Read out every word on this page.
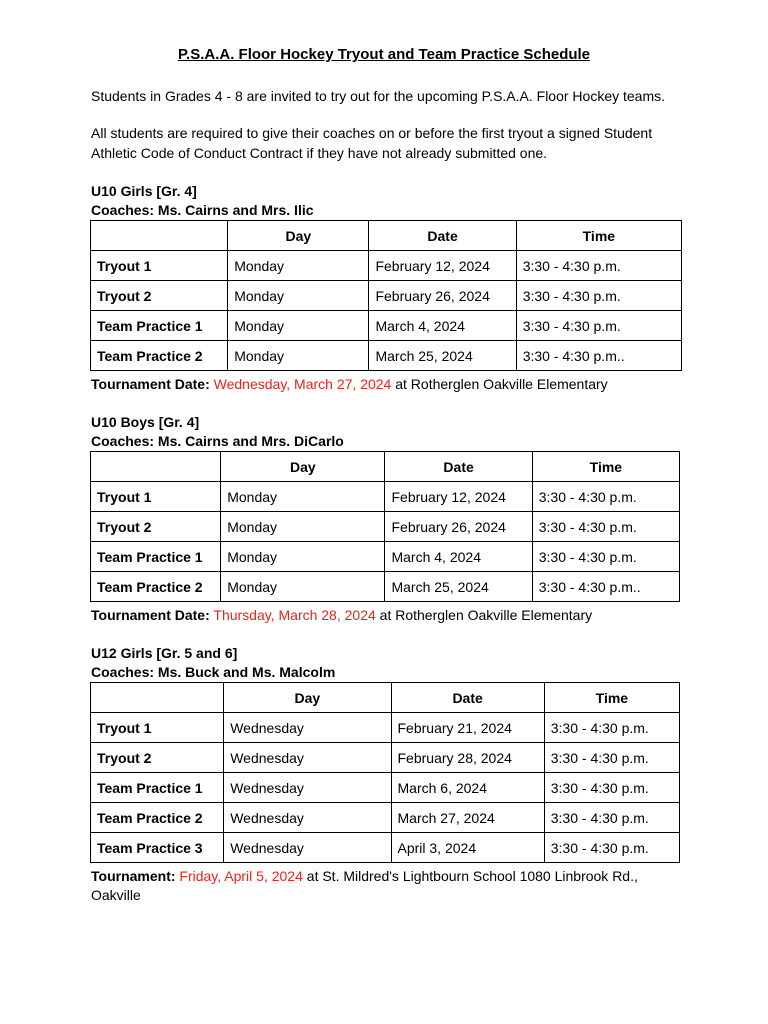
P.S.A.A. Floor Hockey Tryout and Team Practice Schedule
Students in Grades 4 - 8 are invited to try out for the upcoming P.S.A.A. Floor Hockey teams.
All students are required to give their coaches on or before the first tryout a signed Student Athletic Code of Conduct Contract if they have not already submitted one.
U10 Girls [Gr. 4]
Coaches: Ms. Cairns and Mrs. Ilic
	Day	Date	Time
Tryout 1	Monday	February 12, 2024	3:30 - 4:30 p.m.
Tryout 2	Monday	February 26, 2024	3:30 - 4:30 p.m.
Team Practice 1	Monday	March 4, 2024	3:30 - 4:30 p.m.
Team Practice 2	Monday	March 25, 2024	3:30 - 4:30 p.m..
Tournament Date: Wednesday, March 27, 2024 at Rotherglen Oakville Elementary
U10 Boys [Gr. 4]
Coaches: Ms. Cairns and Mrs. DiCarlo
	Day	Date	Time
Tryout 1	Monday	February 12, 2024	3:30 - 4:30 p.m.
Tryout 2	Monday	February 26, 2024	3:30 - 4:30 p.m.
Team Practice 1	Monday	March 4, 2024	3:30 - 4:30 p.m.
Team Practice 2	Monday	March 25, 2024	3:30 - 4:30 p.m..
Tournament Date: Thursday, March 28, 2024 at Rotherglen Oakville Elementary
U12 Girls [Gr. 5 and 6]
Coaches: Ms. Buck and Ms. Malcolm
	Day	Date	Time
Tryout 1	Wednesday	February 21, 2024	3:30 - 4:30 p.m.
Tryout 2	Wednesday	February 28, 2024	3:30 - 4:30 p.m.
Team Practice 1	Wednesday	March 6, 2024	3:30 - 4:30 p.m.
Team Practice 2	Wednesday	March 27, 2024	3:30 - 4:30 p.m.
Team Practice 3	Wednesday	April 3, 2024	3:30 - 4:30 p.m.
Tournament: Friday, April 5, 2024 at St. Mildred's Lightbourn School 1080 Linbrook Rd., Oakville
